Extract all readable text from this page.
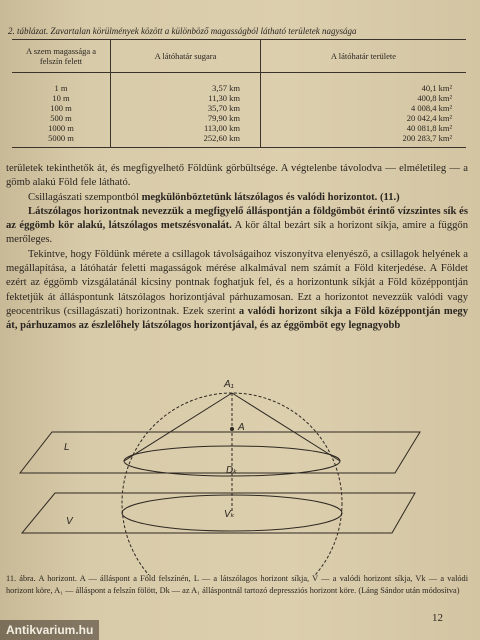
2. táblázat. Zavartalan körülmények között a különböző magasságból látható területek nagysága
A szem magassága a felszín felett	A látóhatár sugara	A látóhatár területe
1 m	3,57 km	40,1 km²
10 m	11,30 km	400,8 km²
100 m	35,70 km	4 008,4 km²
500 m	79,90 km	20 042,4 km²
1000 m	113,00 km	40 081,8 km²
5000 m	252,60 km	200 283,7 km²

területek tekinthetők át, és megfigyelhető Földünk görbültsége. A végtelenbe távolodva — elméletileg — a gömb alakú Föld fele látható.

Csillagászati szempontból megkülönböztetünk látszólagos és valódi horizontot. (11.)

Látszólagos horizontnak nevezzük a megfigyelő álláspontján a földgömböt érintő vízszintes sík és az éggömb kör alakú, látszólagos metszésvonalát. A kör által bezárt sík a horizont síkja, amire a függőn merőleges.

Tekintve, hogy Földünk mérete a csillagok távolságaihoz viszonyítva elenyésző, a csillagok helyének a megállapítása, a látóhatár feletti magasságok mérése alkalmával nem számít a Föld kiterjedése. A Földet ezért az éggömb vizsgálatánál kicsiny pontnak foghatjuk fel, és a horizontunk síkját a Föld középpontján fektetjük át álláspontunk látszólagos horizontjával párhuzamosan. Ezt a horizontot nevezzük valódi vagy geocentrikus (csillagászati) horizontnak. Ezek szerint a valódi horizont síkja a Föld középpontján megy át, párhuzamos az észlelőhely látszólagos horizontjával, és az éggömböt egy legnagyobb

A₁
A
L
Dₖ
V
Vₖ
11. ábra. A horizont. A — álláspont a Föld felszínén, L — a látszólagos horizont síkja, V — a valódi horizont síkja, Vk — a valódi horizont köre, A₁ — álláspont a felszín fölött, Dk — az A₁ álláspontnál tartozó depressziós horizont köre. (Láng Sándor után módosítva)
12
Antikvarium.hu
